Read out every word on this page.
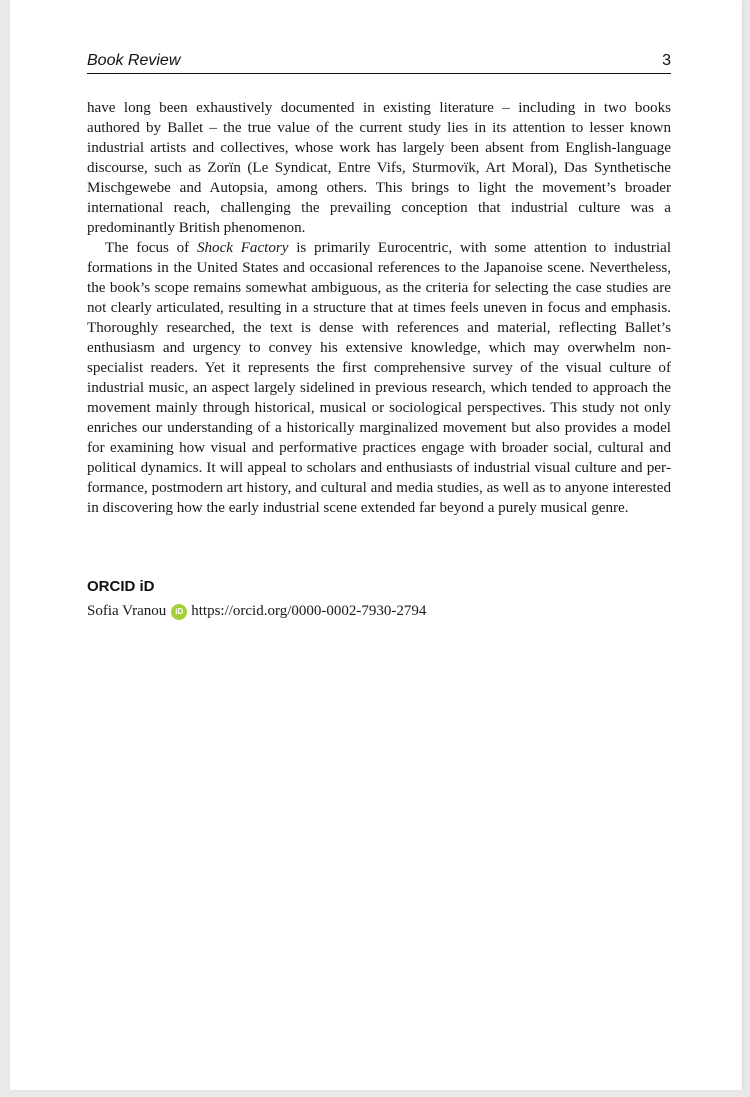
Book Review	3

have long been exhaustively documented in existing literature – including in two books authored by Ballet – the true value of the current study lies in its attention to lesser known industrial artists and collectives, whose work has largely been absent from English-language discourse, such as Zorïn (Le Syndicat, Entre Vifs, Sturmovïk, Art Moral), Das Synthetische Mischgewebe and Autopsia, among others. This brings to light the movement’s broader international reach, challenging the prevailing conception that industrial culture was a predominantly British phenomenon.

The focus of Shock Factory is primarily Eurocentric, with some attention to industrial formations in the United States and occasional references to the Japanoise scene. Nevertheless, the book’s scope remains somewhat ambiguous, as the criteria for selecting the case studies are not clearly articulated, resulting in a structure that at times feels uneven in focus and emphasis. Thoroughly researched, the text is dense with references and material, reflecting Ballet’s enthusiasm and urgency to convey his extensive knowledge, which may overwhelm non-specialist readers. Yet it represents the first comprehensive survey of the visual culture of industrial music, an aspect largely sidelined in previous research, which tended to approach the movement mainly through historical, musical or sociological perspectives. This study not only enriches our understanding of a historically marginalized movement but also provides a model for examining how visual and performative practices engage with broader social, cultural and political dynamics. It will appeal to scholars and enthusiasts of industrial visual culture and performance, postmodern art history, and cultural and media studies, as well as to anyone interested in discovering how the early industrial scene extended far beyond a purely musical genre.

ORCID iD
Sofia Vranou	iD https://orcid.org/0000-0002-7930-2794
